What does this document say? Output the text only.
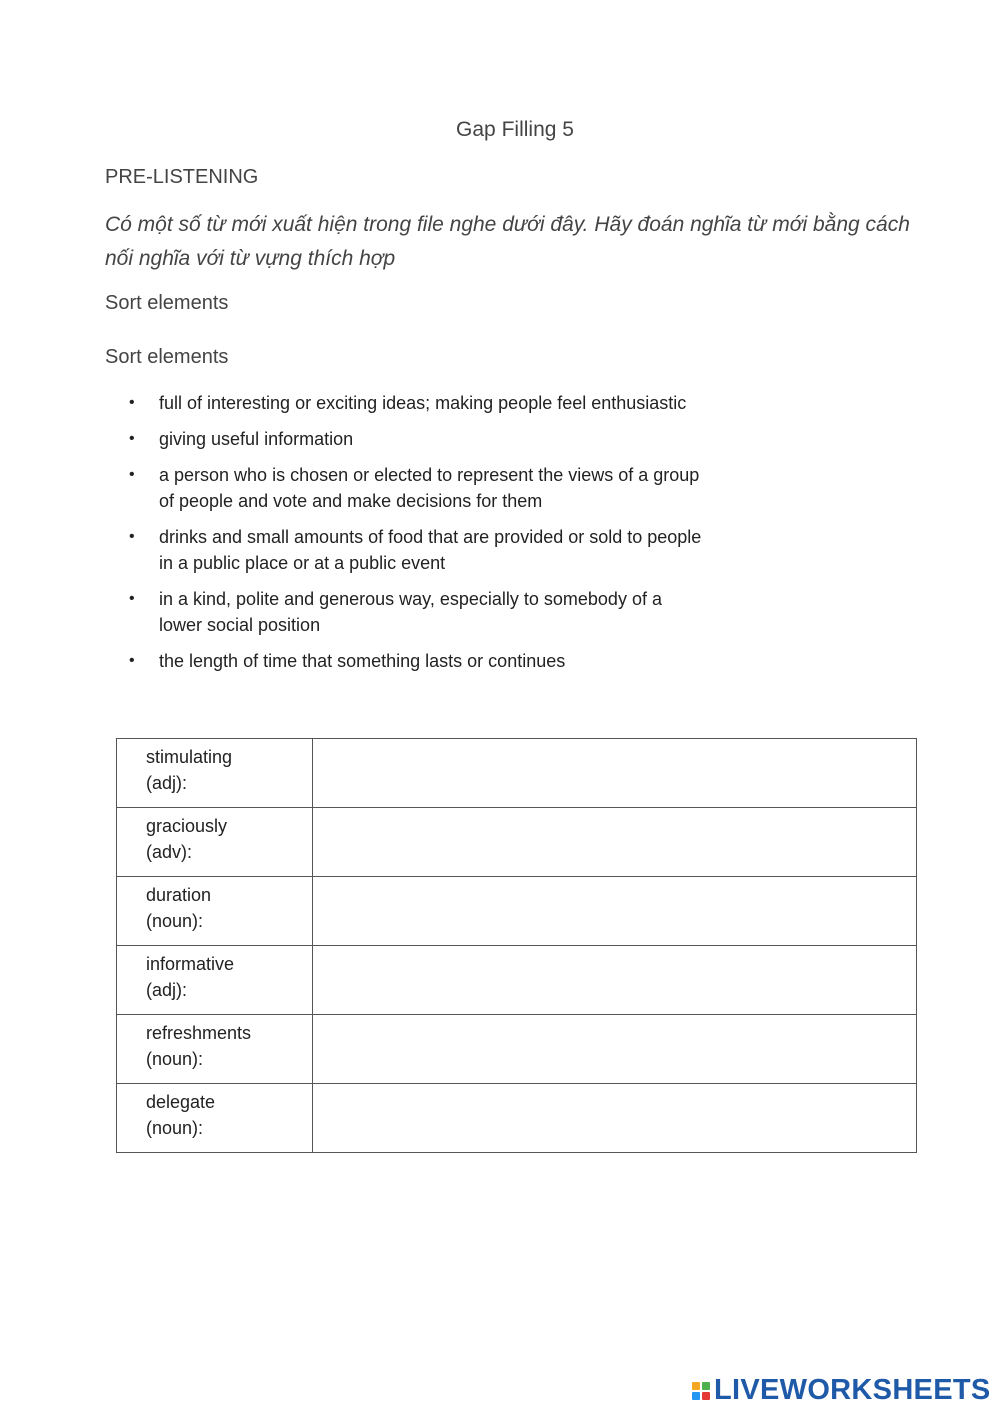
Gap Filling 5
PRE-LISTENING
Có một số từ mới xuất hiện trong file nghe dưới đây. Hãy đoán nghĩa từ mới bằng cách nối nghĩa với từ vựng thích hợp
Sort elements
Sort elements
• full of interesting or exciting ideas; making people feel enthusiastic
• giving useful information
• a person who is chosen or elected to represent the views of a group of people and vote and make decisions for them
• drinks and small amounts of food that are provided or sold to people in a public place or at a public event
• in a kind, polite and generous way, especially to somebody of a lower social position
• the length of time that something lasts or continues
stimulating
(adj):	

graciously
(adv):	

duration
(noun):	

informative
(adj):	

refreshments
(noun):	

delegate
(noun):	

LIVEWORKSHEETS
